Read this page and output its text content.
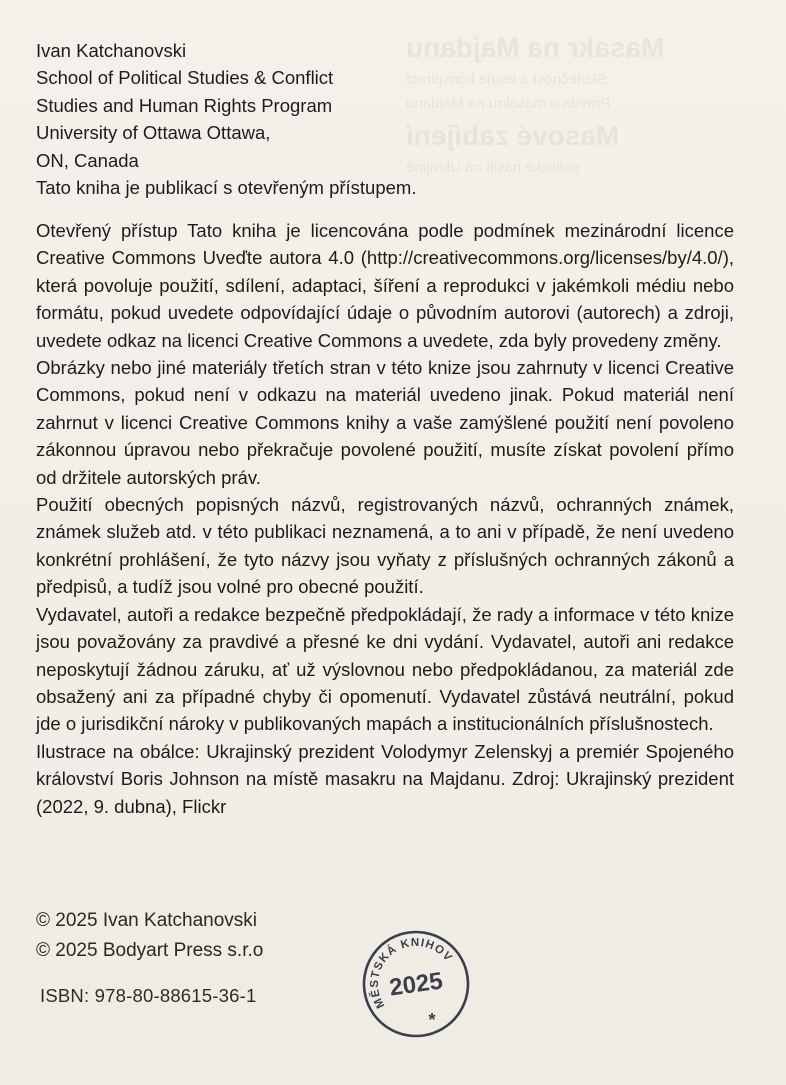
Masakr na Majdanu
Skutečnost a teorie konspirací
Pravda o masakru na Majdanu
Masové zabíjení
politické násilí na Ukrajině
Ivan Katchanovski
School of Political Studies & Conflict
Studies and Human Rights Program
University of Ottawa Ottawa,
ON, Canada
Tato kniha je publikací s otevřeným přístupem.

Otevřený přístup Tato kniha je licencována podle podmínek mezinárodní licence Creative Commons Uveďte autora 4.0 (http://creativecommons.org/licenses/by/4.0/), která povoluje použití, sdílení, adaptaci, šíření a reprodukci v jakémkoli médiu nebo formátu, pokud uvedete odpovídající údaje o původním autorovi (autorech) a zdroji, uvedete odkaz na licenci Creative Commons a uvedete, zda byly provedeny změny.

Obrázky nebo jiné materiály třetích stran v této knize jsou zahrnuty v licenci Creative Commons, pokud není v odkazu na materiál uvedeno jinak. Pokud materiál není zahrnut v licenci Creative Commons knihy a vaše zamýšlené použití není povoleno zákonnou úpravou nebo překračuje povolené použití, musíte získat povolení přímo od držitele autorských práv.

Použití obecných popisných názvů, registrovaných názvů, ochranných známek, známek služeb atd. v této publikaci neznamená, a to ani v případě, že není uvedeno konkrétní prohlášení, že tyto názvy jsou vyňaty z příslušných ochranných zákonů a předpisů, a tudíž jsou volné pro obecné použití.

Vydavatel, autoři a redakce bezpečně předpokládají, že rady a informace v této knize jsou považovány za pravdivé a přesné ke dni vydání. Vydavatel, autoři ani redakce neposkytují žádnou záruku, ať už výslovnou nebo předpokládanou, za materiál zde obsažený ani za případné chyby či opomenutí. Vydavatel zůstává neutrální, pokud jde o jurisdikční nároky v publikovaných mapách a institucionálních příslušnostech.

Ilustrace na obálce: Ukrajinský prezident Volodymyr Zelenskyj a premiér Spojeného království Boris Johnson na místě masakru na Majdanu. Zdroj: Ukrajinský prezident (2022, 9. dubna), Flickr

© 2025 Ivan Katchanovski
© 2025 Bodyart Press s.r.o
ISBN: 978-80-88615-36-1	MĚSTSKÁ KNIHOVNA	2025
*
